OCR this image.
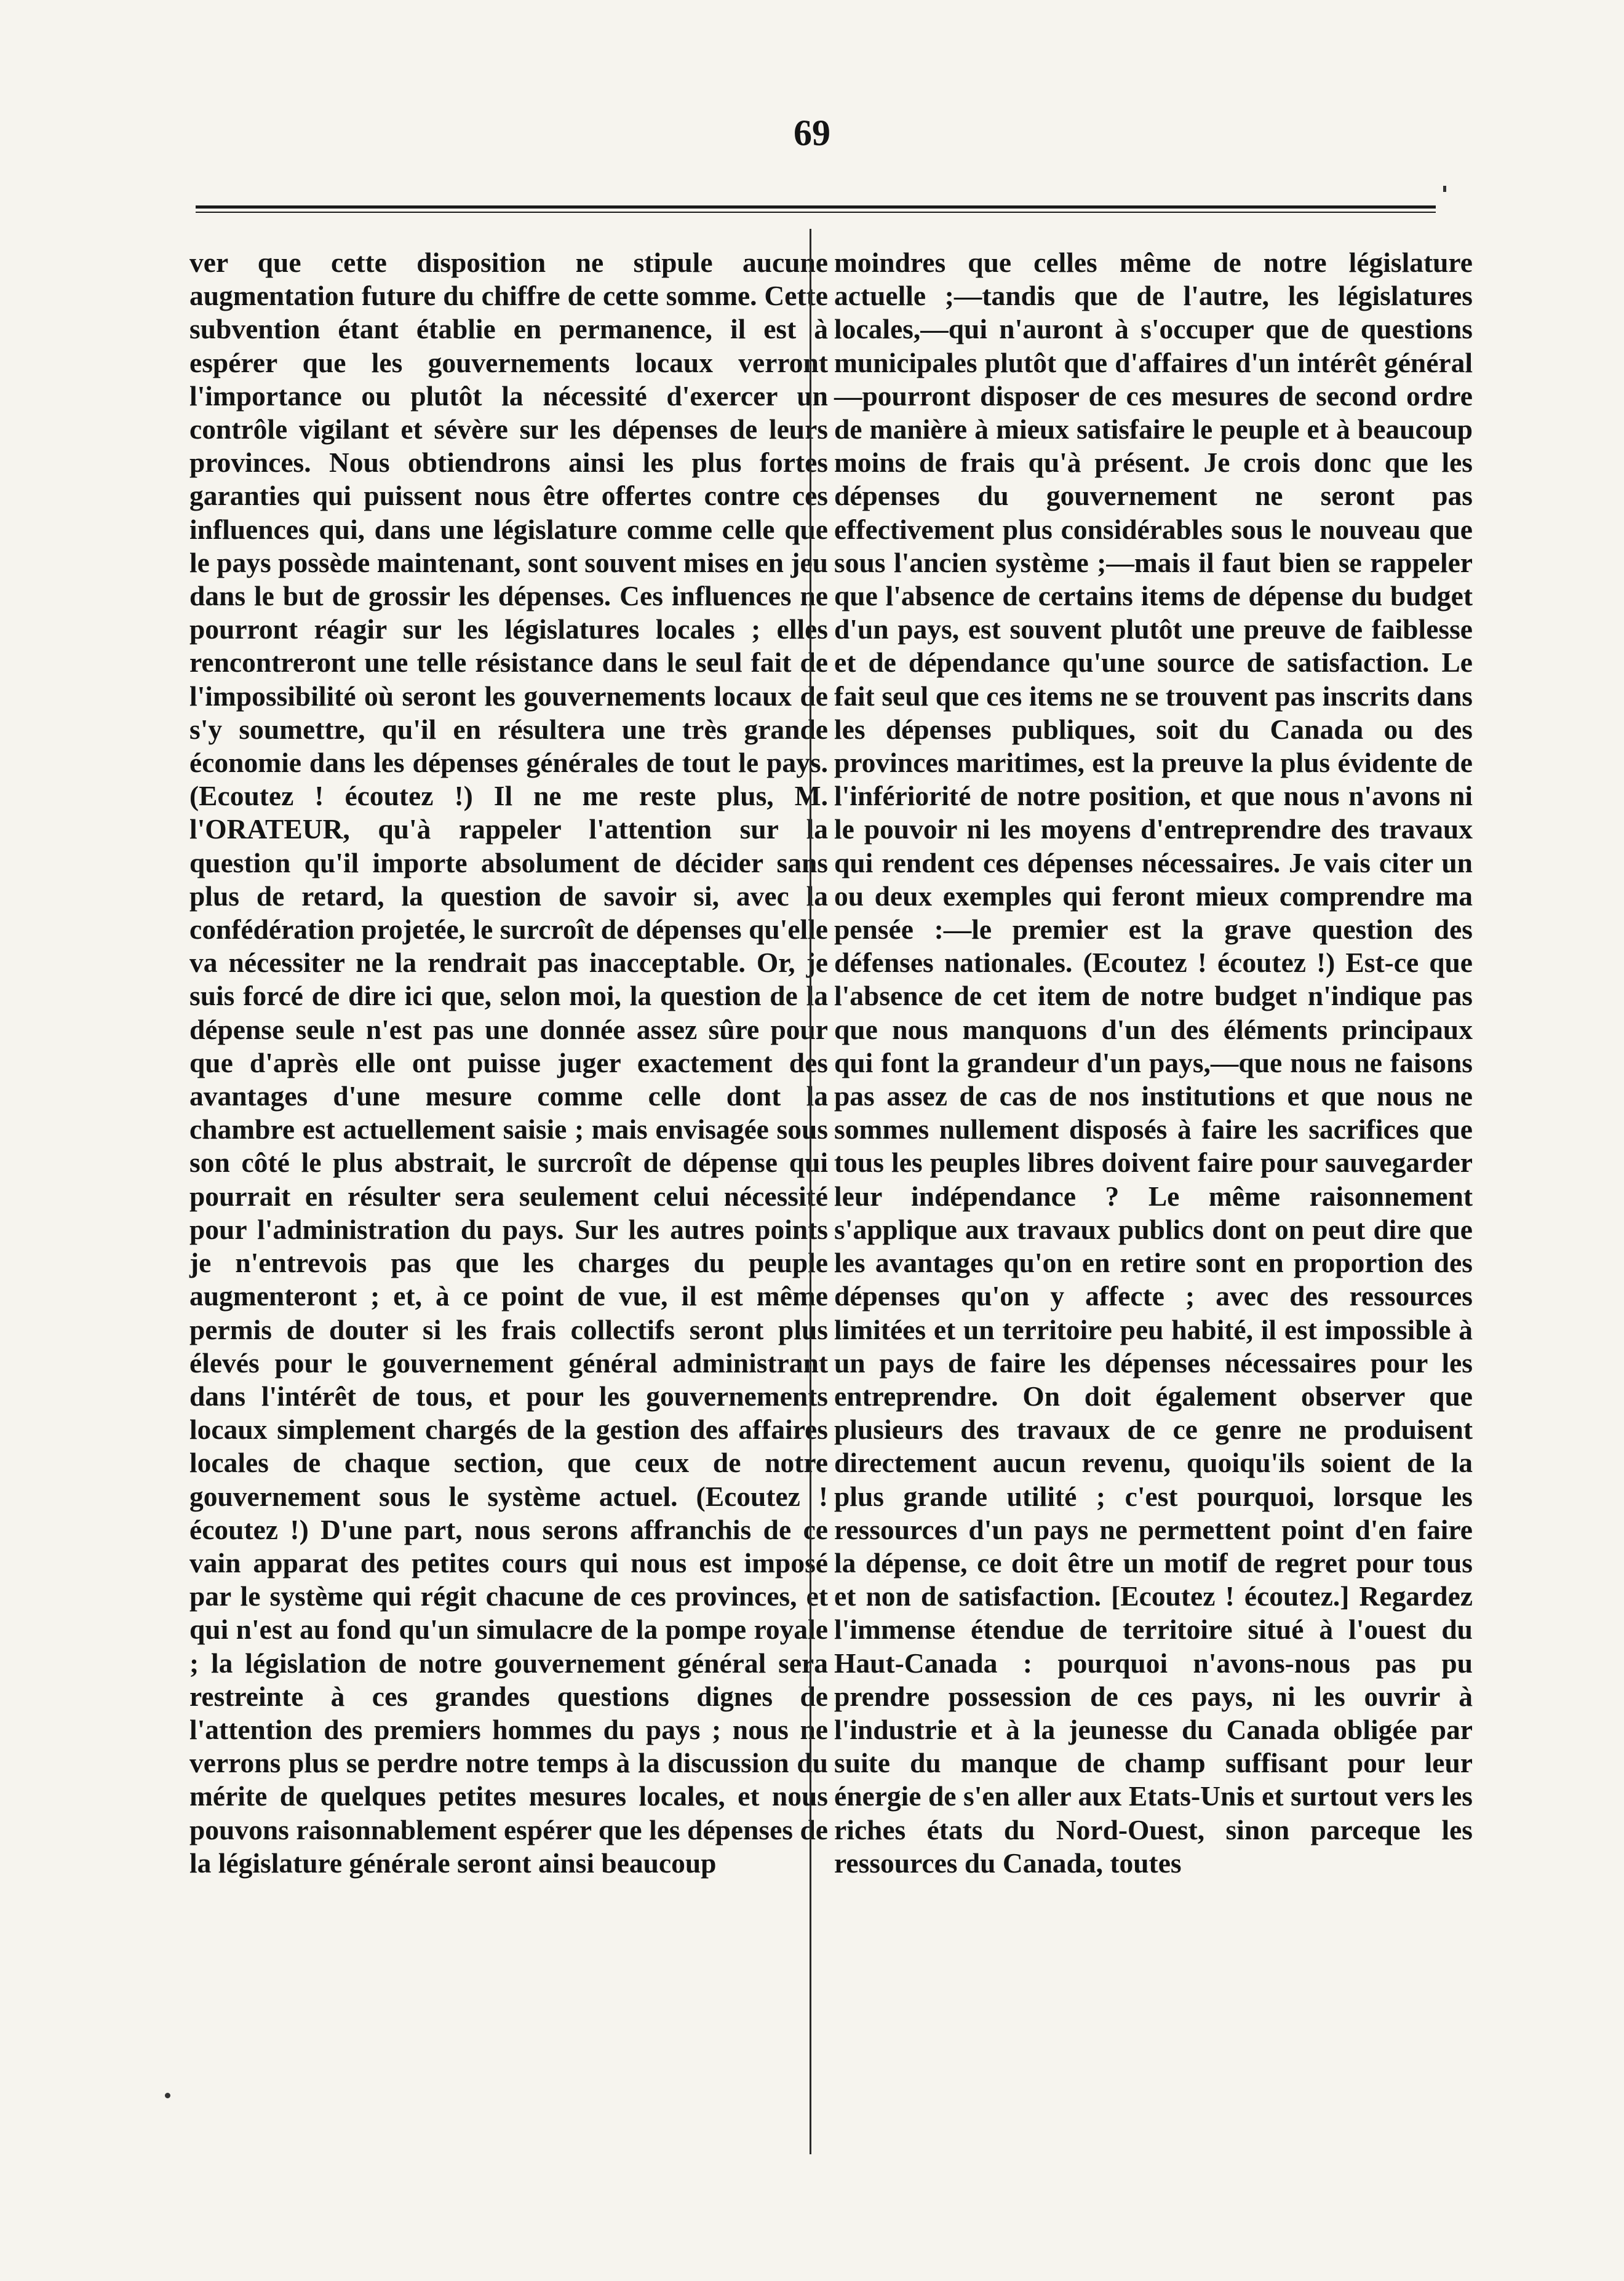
69

ver que cette disposition ne stipule aucune augmentation future du chiffre de cette somme. Cette subvention étant établie en permanence, il est à espérer que les gouvernements locaux verront l'importance ou plutôt la nécessité d'exercer un contrôle vigilant et sévère sur les dépenses de leurs provinces. Nous obtiendrons ainsi les plus fortes garanties qui puissent nous être offertes contre ces influences qui, dans une législature comme celle que le pays possède maintenant, sont souvent mises en jeu dans le but de grossir les dépenses. Ces influences ne pourront réagir sur les législatures locales ; elles rencontreront une telle résistance dans le seul fait de l'impossibilité où seront les gouvernements locaux de s'y soumettre, qu'il en résultera une très grande économie dans les dépenses générales de tout le pays. (Ecoutez ! écoutez !) Il ne me reste plus, M. l'ORATEUR, qu'à rappeler l'attention sur la question qu'il importe absolument de décider sans plus de retard, la question de savoir si, avec la confédération projetée, le surcroît de dépenses qu'elle va nécessiter ne la rendrait pas inacceptable. Or, je suis forcé de dire ici que, selon moi, la question de la dépense seule n'est pas une donnée assez sûre pour que d'après elle ont puisse juger exactement des avantages d'une mesure comme celle dont la chambre est actuellement saisie ; mais envisagée sous son côté le plus abstrait, le surcroît de dépense qui pourrait en résulter sera seulement celui nécessité pour l'administration du pays. Sur les autres points je n'entrevois pas que les charges du peuple augmenteront ; et, à ce point de vue, il est même permis de douter si les frais collectifs seront plus élevés pour le gouvernement général administrant dans l'intérêt de tous, et pour les gouvernements locaux simplement chargés de la gestion des affaires locales de chaque section, que ceux de notre gouvernement sous le système actuel. (Ecoutez ! écoutez !) D'une part, nous serons affranchis de ce vain apparat des petites cours qui nous est imposé par le système qui régit chacune de ces provinces, et qui n'est au fond qu'un simulacre de la pompe royale ; la législation de notre gouvernement général sera restreinte à ces grandes questions dignes de l'attention des premiers hommes du pays ; nous ne verrons plus se perdre notre temps à la discussion du mérite de quelques petites mesures locales, et nous pouvons raisonnablement espérer que les dépenses de la législature générale seront ainsi beaucoup

moindres que celles même de notre législature actuelle ;—tandis que de l'autre, les législatures locales,—qui n'auront à s'occuper que de questions municipales plutôt que d'affaires d'un intérêt général—pourront disposer de ces mesures de second ordre de manière à mieux satisfaire le peuple et à beaucoup moins de frais qu'à présent. Je crois donc que les dépenses du gouvernement ne seront pas effectivement plus considérables sous le nouveau que sous l'ancien système ;—mais il faut bien se rappeler que l'absence de certains items de dépense du budget d'un pays, est souvent plutôt une preuve de faiblesse et de dépendance qu'une source de satisfaction. Le fait seul que ces items ne se trouvent pas inscrits dans les dépenses publiques, soit du Canada ou des provinces maritimes, est la preuve la plus évidente de l'infériorité de notre position, et que nous n'avons ni le pouvoir ni les moyens d'entreprendre des travaux qui rendent ces dépenses nécessaires. Je vais citer un ou deux exemples qui feront mieux comprendre ma pensée :—le premier est la grave question des défenses nationales. (Ecoutez ! écoutez !) Est-ce que l'absence de cet item de notre budget n'indique pas que nous manquons d'un des éléments principaux qui font la grandeur d'un pays,—que nous ne faisons pas assez de cas de nos institutions et que nous ne sommes nullement disposés à faire les sacrifices que tous les peuples libres doivent faire pour sauvegarder leur indépendance ? Le même raisonnement s'applique aux travaux publics dont on peut dire que les avantages qu'on en retire sont en proportion des dépenses qu'on y affecte ; avec des ressources limitées et un territoire peu habité, il est impossible à un pays de faire les dépenses nécessaires pour les entreprendre. On doit également observer que plusieurs des travaux de ce genre ne produisent directement aucun revenu, quoiqu'ils soient de la plus grande utilité ; c'est pourquoi, lorsque les ressources d'un pays ne permettent point d'en faire la dépense, ce doit être un motif de regret pour tous et non de satisfaction. [Ecoutez ! écoutez.] Regardez l'immense étendue de territoire situé à l'ouest du Haut-Canada : pourquoi n'avons-nous pas pu prendre possession de ces pays, ni les ouvrir à l'industrie et à la jeunesse du Canada obligée par suite du manque de champ suffisant pour leur énergie de s'en aller aux Etats-Unis et surtout vers les riches états du Nord-Ouest, sinon parceque les ressources du Canada, toutes
